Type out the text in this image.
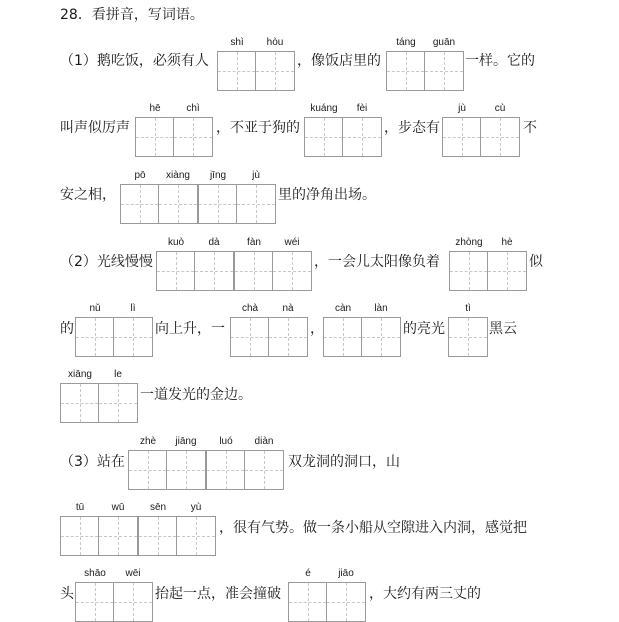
28．看拼音，写词语。
（1）鹅吃饭，必须有人
shì	hòu
，像饭店里的
táng	guān
一样。它的
叫声似厉声
hē	chì
，不亚于狗的
kuáng	fèi
，步态有
jù	cù
不
安之相，
pō	xiàng	jīng	jù
里的净角出场。
（2）光线慢慢
kuò	dà	fàn	wéi
，一会儿太阳像负着
zhòng	hè
似
的
nǔ	lì
向上升，一
chà	nà
，
càn	làn
的亮光
tì
黑云
xiāng	le
一道发光的金边。
（3）站在
zhè	jiāng	luó	diàn
双龙洞的洞口，山
tū	wū	sēn	yù
，很有气势。做一条小船从空隙进入内洞，感觉把
头
shāo	wēi
抬起一点，准会撞破
é	jiāo
，大约有两三丈的
